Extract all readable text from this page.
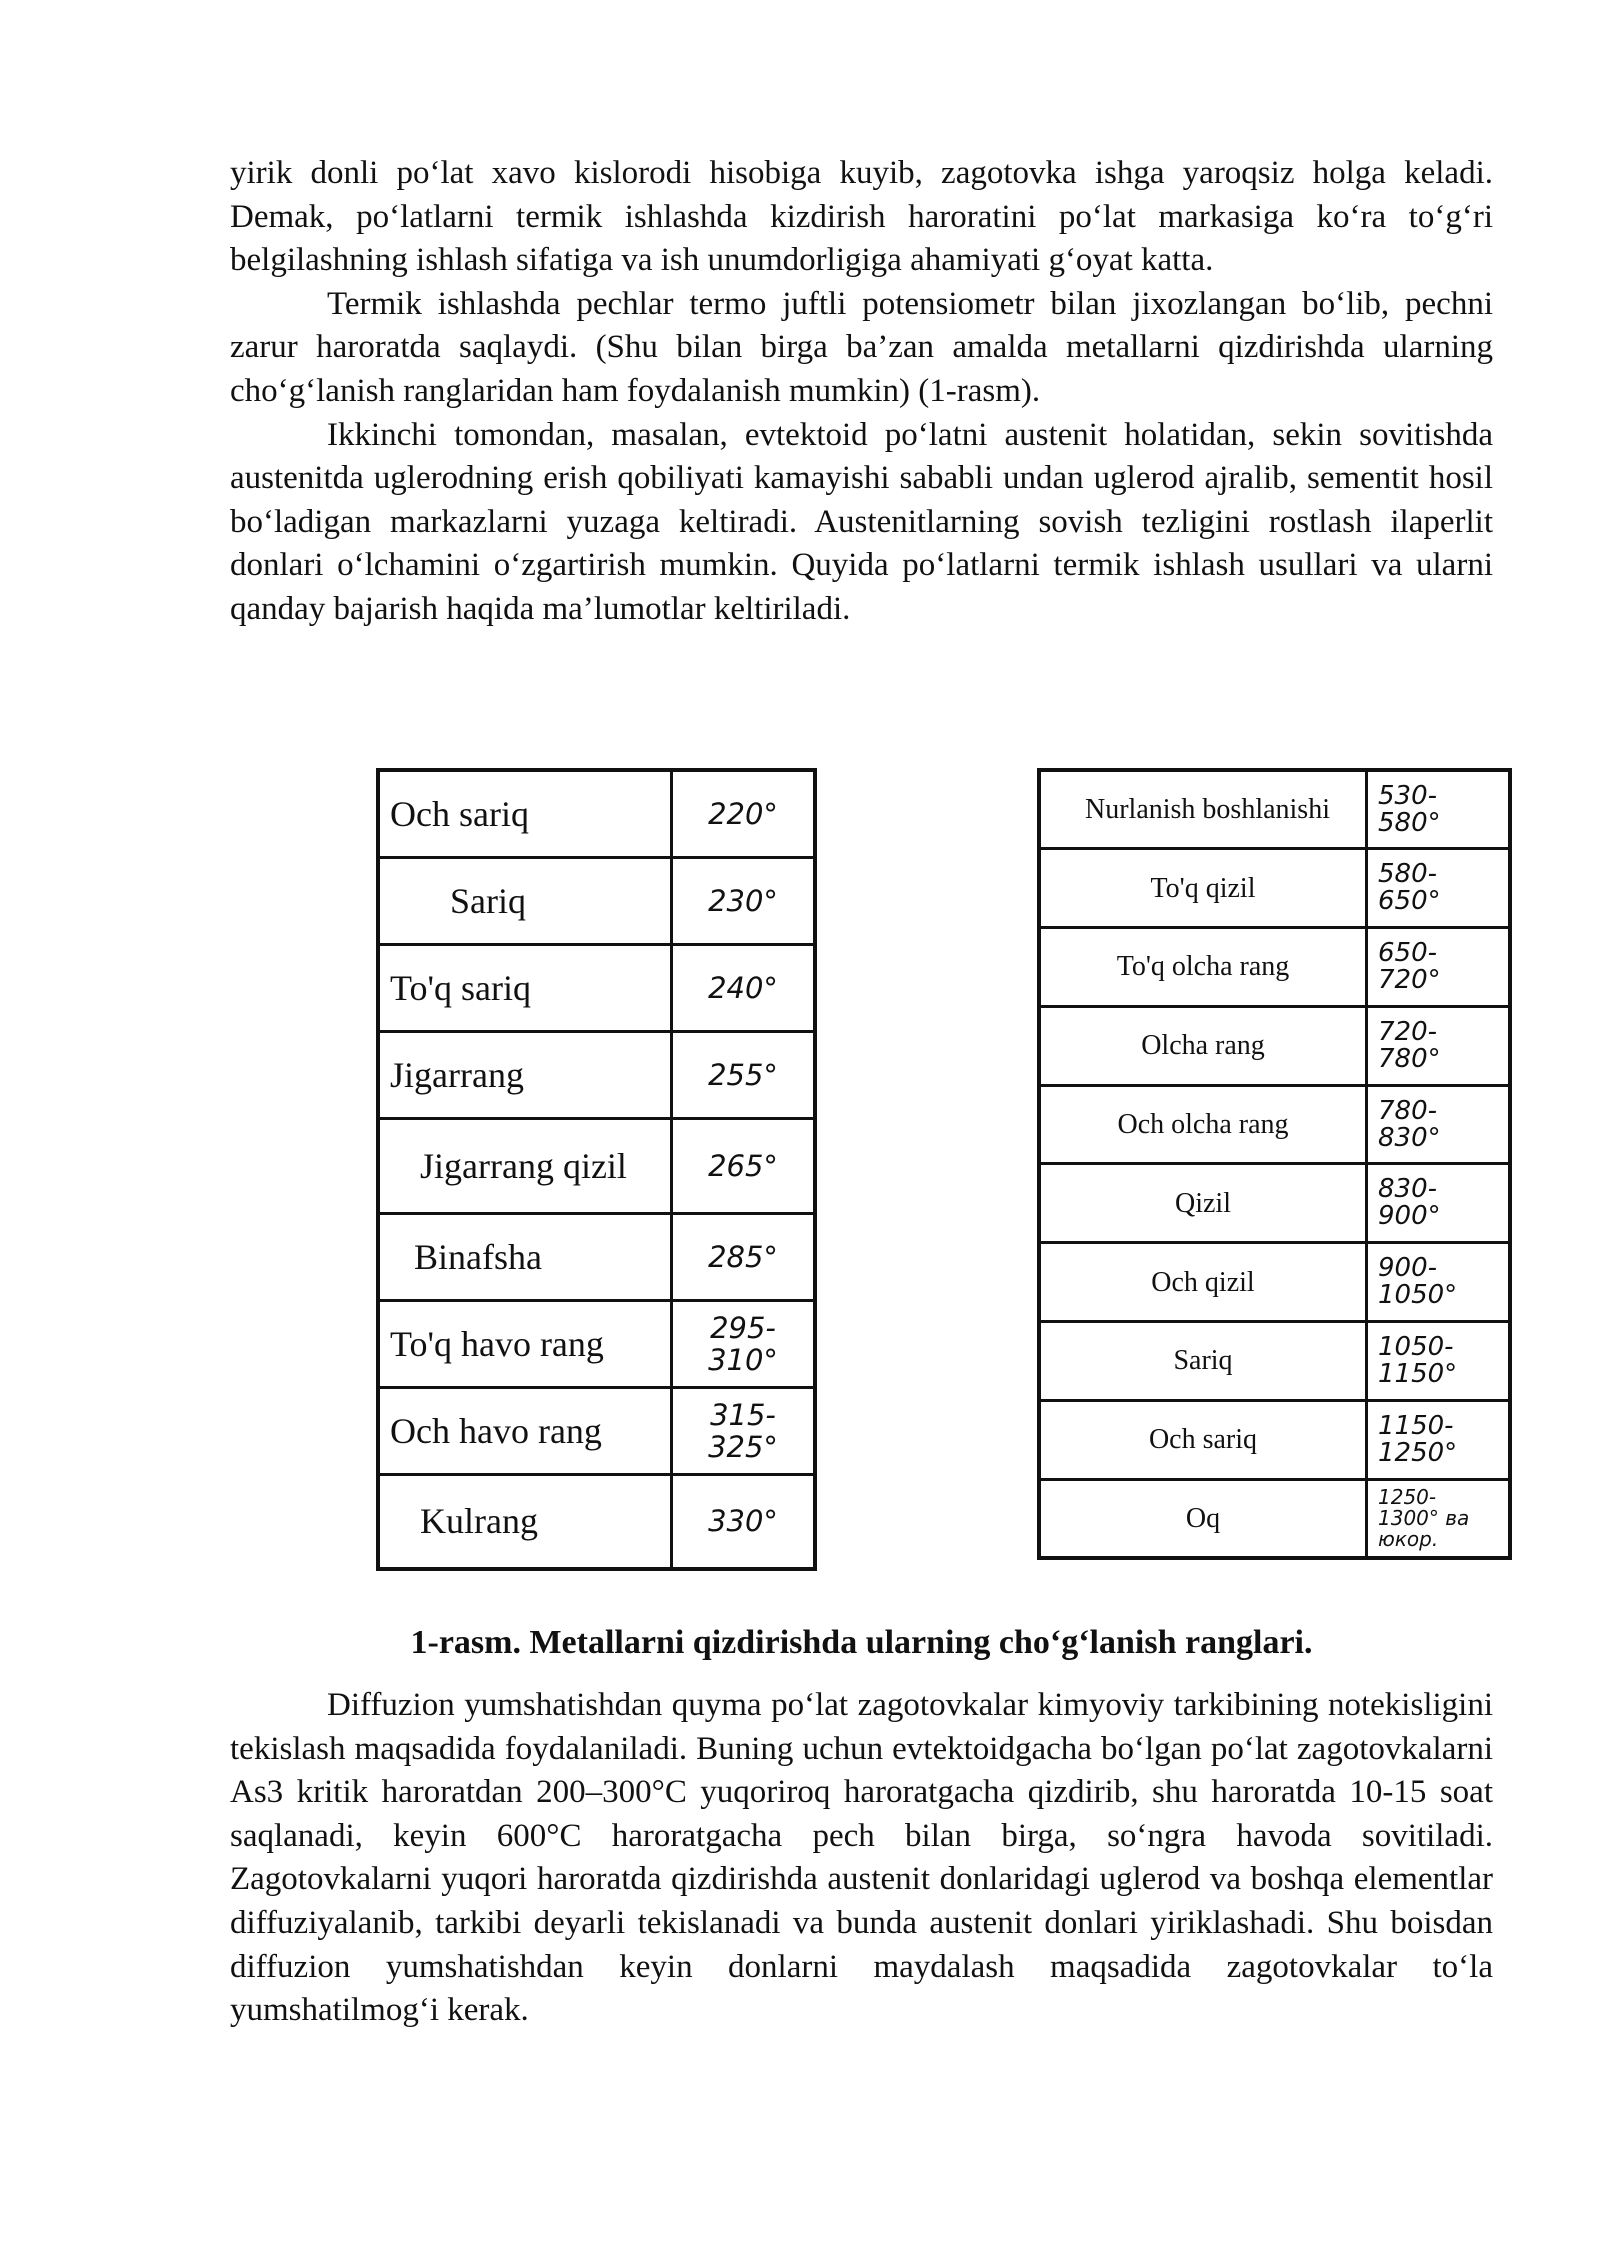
yirik donli po‘lat xavo kislorodi hisobiga kuyib, zagotovka ishga yaroqsiz holga keladi. Demak, po‘latlarni termik ishlashda kizdirish haroratini po‘lat markasiga ko‘ra to‘g‘ri belgilashning ishlash sifatiga va ish unumdorligiga ahamiyati g‘oyat katta.

Termik ishlashda pechlar termo juftli potensiometr bilan jixozlangan bo‘lib, pechni zarur haroratda saqlaydi. (Shu bilan birga ba’zan amalda metallarni qizdirishda ularning cho‘g‘lanish ranglaridan ham foydalanish mumkin) (1-rasm).

Ikkinchi tomondan, masalan, evtektoid po‘latni austenit holatidan, sekin sovitishda austenitda uglerodning erish qobiliyati kamayishi sababli undan uglerod ajralib, sementit hosil bo‘ladigan markazlarni yuzaga keltiradi. Austenitlarning sovish tezligini rostlash ilaperlit donlari o‘lchamini o‘zgartirish mumkin. Quyida po‘latlarni termik ishlash usullari va ularni qanday bajarish haqida ma’lumotlar keltiriladi.

Och sariq	220°
Sariq	230°
To'q sariq	240°
Jigarrang	255°
Jigarrang qizil	265°
Binafsha	285°
To'q havo rang	295-
310°
Och havo rang	315-
325°
Kulrang	330°
Nurlanish boshlanishi	530-
580°
To'q qizil	580-
650°
To'q olcha rang	650-
720°
Olcha rang	720-
780°
Och olcha rang	780-
830°
Qizil	830-
900°
Och qizil	900-
1050°
Sariq	1050-
1150°
Och sariq	1150-
1250°
Oq	1250-
1300° ва
юкор.
1-rasm. Metallarni qizdirishda ularning cho‘g‘lanish ranglari.

Diffuzion yumshatishdan quyma po‘lat zagotovkalar kimyoviy tarkibining notekisligini tekislash maqsadida foydalaniladi. Buning uchun evtektoidgacha bo‘lgan po‘lat zagotovkalarni As3 kritik haroratdan 200–300°C yuqoriroq haroratgacha qizdirib, shu haroratda 10-15 soat saqlanadi, keyin 600°C haroratgacha pech bilan birga, so‘ngra havoda sovitiladi. Zagotovkalarni yuqori haroratda qizdirishda austenit donlaridagi uglerod va boshqa elementlar diffuziyalanib, tarkibi deyarli tekislanadi va bunda austenit donlari yiriklashadi. Shu boisdan diffuzion yumshatishdan keyin donlarni maydalash maqsadida zagotovkalar to‘la yumshatilmog‘i kerak.
